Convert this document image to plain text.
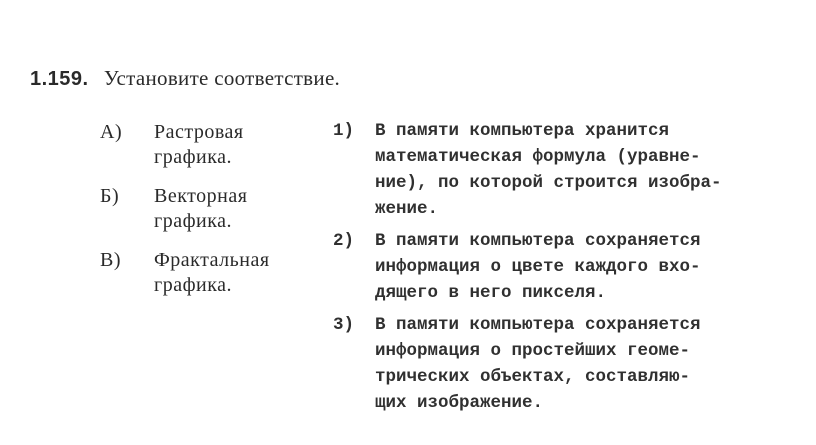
1.159. Установите соответствие.
А)	Растровая
графика.
Б)	Векторная
графика.
В)	Фрактальная
графика.
1)	В памяти компьютера хранится
математическая формула (уравне-
ние), по которой строится изобра-
жение.
2)	В памяти компьютера сохраняется
информация о цвете каждого вхо-
дящего в него пикселя.
3)	В памяти компьютера сохраняется
информация о простейших геоме-
трических объектах, составляю-
щих изображение.
